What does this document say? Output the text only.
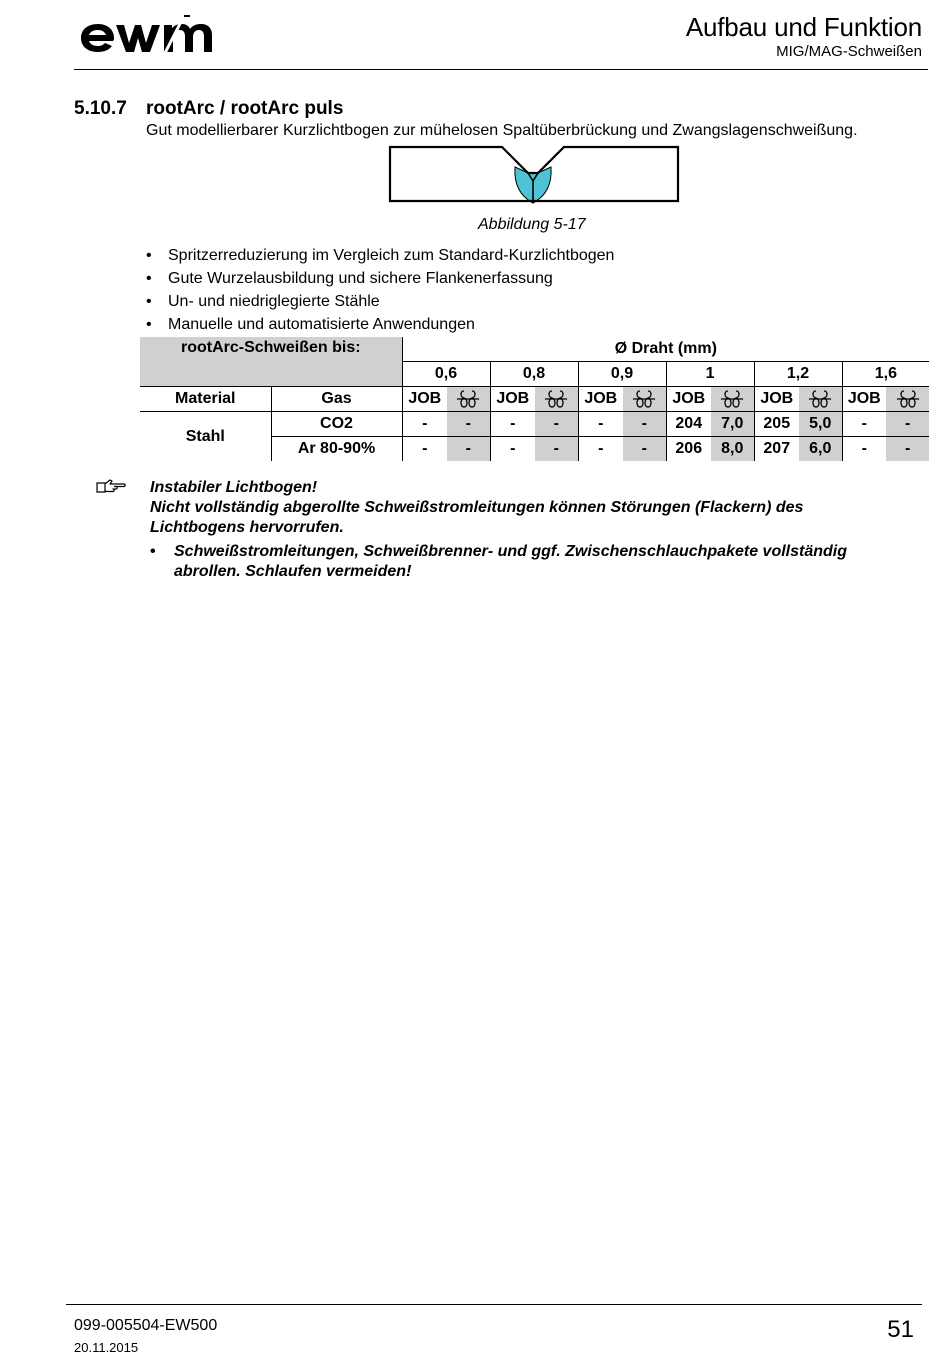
Aufbau und Funktion
MIG/MAG-Schweißen
5.10.7 rootArc / rootArc puls
Gut modellierbarer Kurzlichtbogen zur mühelosen Spaltüberbrückung und Zwangslagenschweißung.
Abbildung 5-17
• Spritzerreduzierung im Vergleich zum Standard-Kurzlichtbogen
• Gute Wurzelausbildung und sichere Flankenerfassung
• Un- und niedriglegierte Stähle
• Manuelle und automatisierte Anwendungen
rootArc-Schweißen bis:		Ø Draht (mm)											
		0,6		0,8		0,9		1		1,2		1,6	
Material	Gas	JOB		JOB		JOB		JOB		JOB		JOB	
Stahl	CO2	-	-	-	-	-	-	204	7,0	205	5,0	-	-
	Ar 80-90%	-	-	-	-	-	-	206	8,0	207	6,0	-	-

Instabiler Lichtbogen!

Nicht vollständig abgerollte Schweißstromleitungen können Störungen (Flackern) des Lichtbogens hervorrufen.

•	Schweißstromleitungen, Schweißbrenner- und ggf. Zwischenschlauchpakete vollständig abrollen. Schlaufen vermeiden!
099-005504-EW500
20.11.2015
51
